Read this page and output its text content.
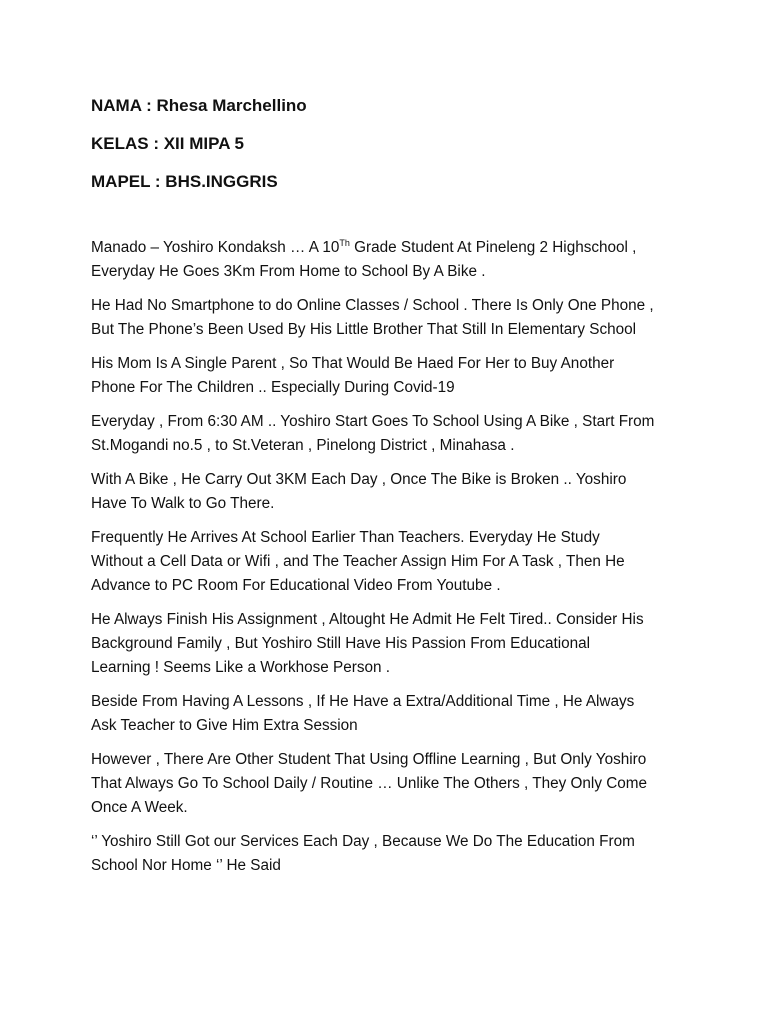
NAMA : Rhesa Marchellino
KELAS : XII MIPA 5
MAPEL : BHS.INGGRIS

Manado – Yoshiro Kondaksh … A 10Th Grade Student At Pineleng 2 Highschool ,
Everyday He Goes 3Km From Home to School By A Bike .

He Had No Smartphone to do Online Classes / School . There Is Only One Phone ,
But The Phone’s Been Used By His Little Brother That Still In Elementary School

His Mom Is A Single Parent , So That Would Be Haed For Her to Buy Another
Phone For The Children .. Especially During Covid-19

Everyday , From 6:30 AM .. Yoshiro Start Goes To School Using A Bike , Start From
St.Mogandi no.5 , to St.Veteran , Pinelong District , Minahasa .

With A Bike , He Carry Out 3KM Each Day , Once The Bike is Broken .. Yoshiro
Have To Walk to Go There.

Frequently He Arrives At School Earlier Than Teachers. Everyday He Study
Without a Cell Data or Wifi , and The Teacher Assign Him For A Task , Then He
Advance to PC Room For Educational Video From Youtube .

He Always Finish His Assignment , Altought He Admit He Felt Tired.. Consider His
Background Family , But Yoshiro Still Have His Passion From Educational
Learning ! Seems Like a Workhose Person .

Beside From Having A Lessons , If He Have a Extra/Additional Time , He Always
Ask Teacher to Give Him Extra Session

However , There Are Other Student That Using Offline Learning , But Only Yoshiro
That Always Go To School Daily / Routine … Unlike The Others , They Only Come
Once A Week.

‘’ Yoshiro Still Got our Services Each Day , Because We Do The Education From
School Nor Home ‘’ He Said
